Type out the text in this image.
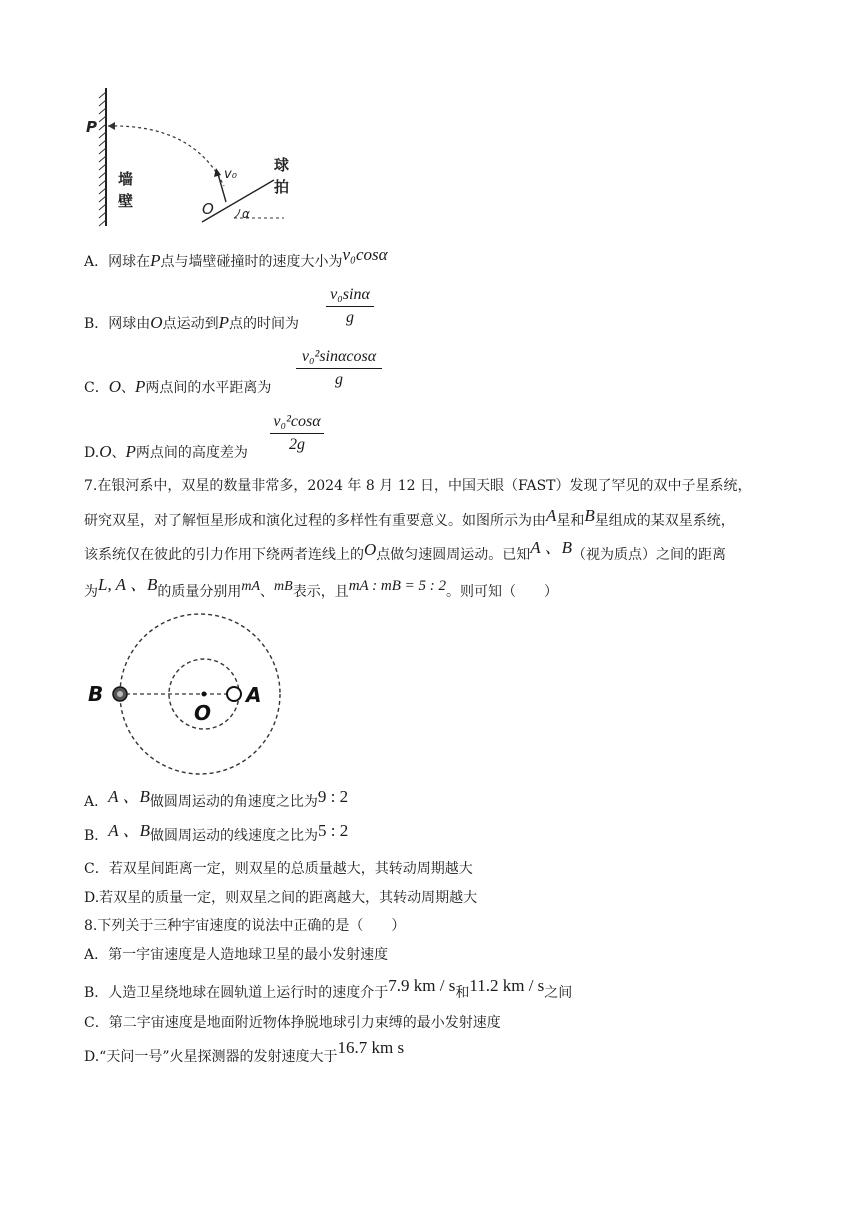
P
墙
壁
v₀
O α
球
拍
A．网球在P点与墙壁碰撞时的速度大小为v₀cosα
B．网球由O点运动到P点的时间为
v₀sinα
g
C．O、P两点间的水平距离为
v₀²sinαcosα
g
D.O、P两点间的高度差为
v₀²cosα
2g
7.在银河系中，双星的数量非常多，2024 年 8 月 12 日，中国天眼（FAST）发现了罕见的双中子星系统，
研究双星，对了解恒星形成和演化过程的多样性有重要意义。如图所示为由A星和B星组成的某双星系统，
该系统仅在彼此的引力作用下绕两者连线上的O点做匀速圆周运动。已知A 、B（视为质点）之间的距离
为L, A 、B的质量分别用mA、mB表示，且mA : mB = 5 : 2。则可知（　　）
B	A
O
A．A 、B做圆周运动的角速度之比为9 : 2
B．A 、B做圆周运动的线速度之比为5 : 2
C．若双星间距离一定，则双星的总质量越大，其转动周期越大
D.若双星的质量一定，则双星之间的距离越大，其转动周期越大
8.下列关于三种宇宙速度的说法中正确的是（　　）
A．第一宇宙速度是人造地球卫星的最小发射速度
B．人造卫星绕地球在圆轨道上运行时的速度介于7.9 km / s和11.2 km / s之间
C．第二宇宙速度是地面附近物体挣脱地球引力束缚的最小发射速度
D.“天问一号”火星探测器的发射速度大于16.7 km s
